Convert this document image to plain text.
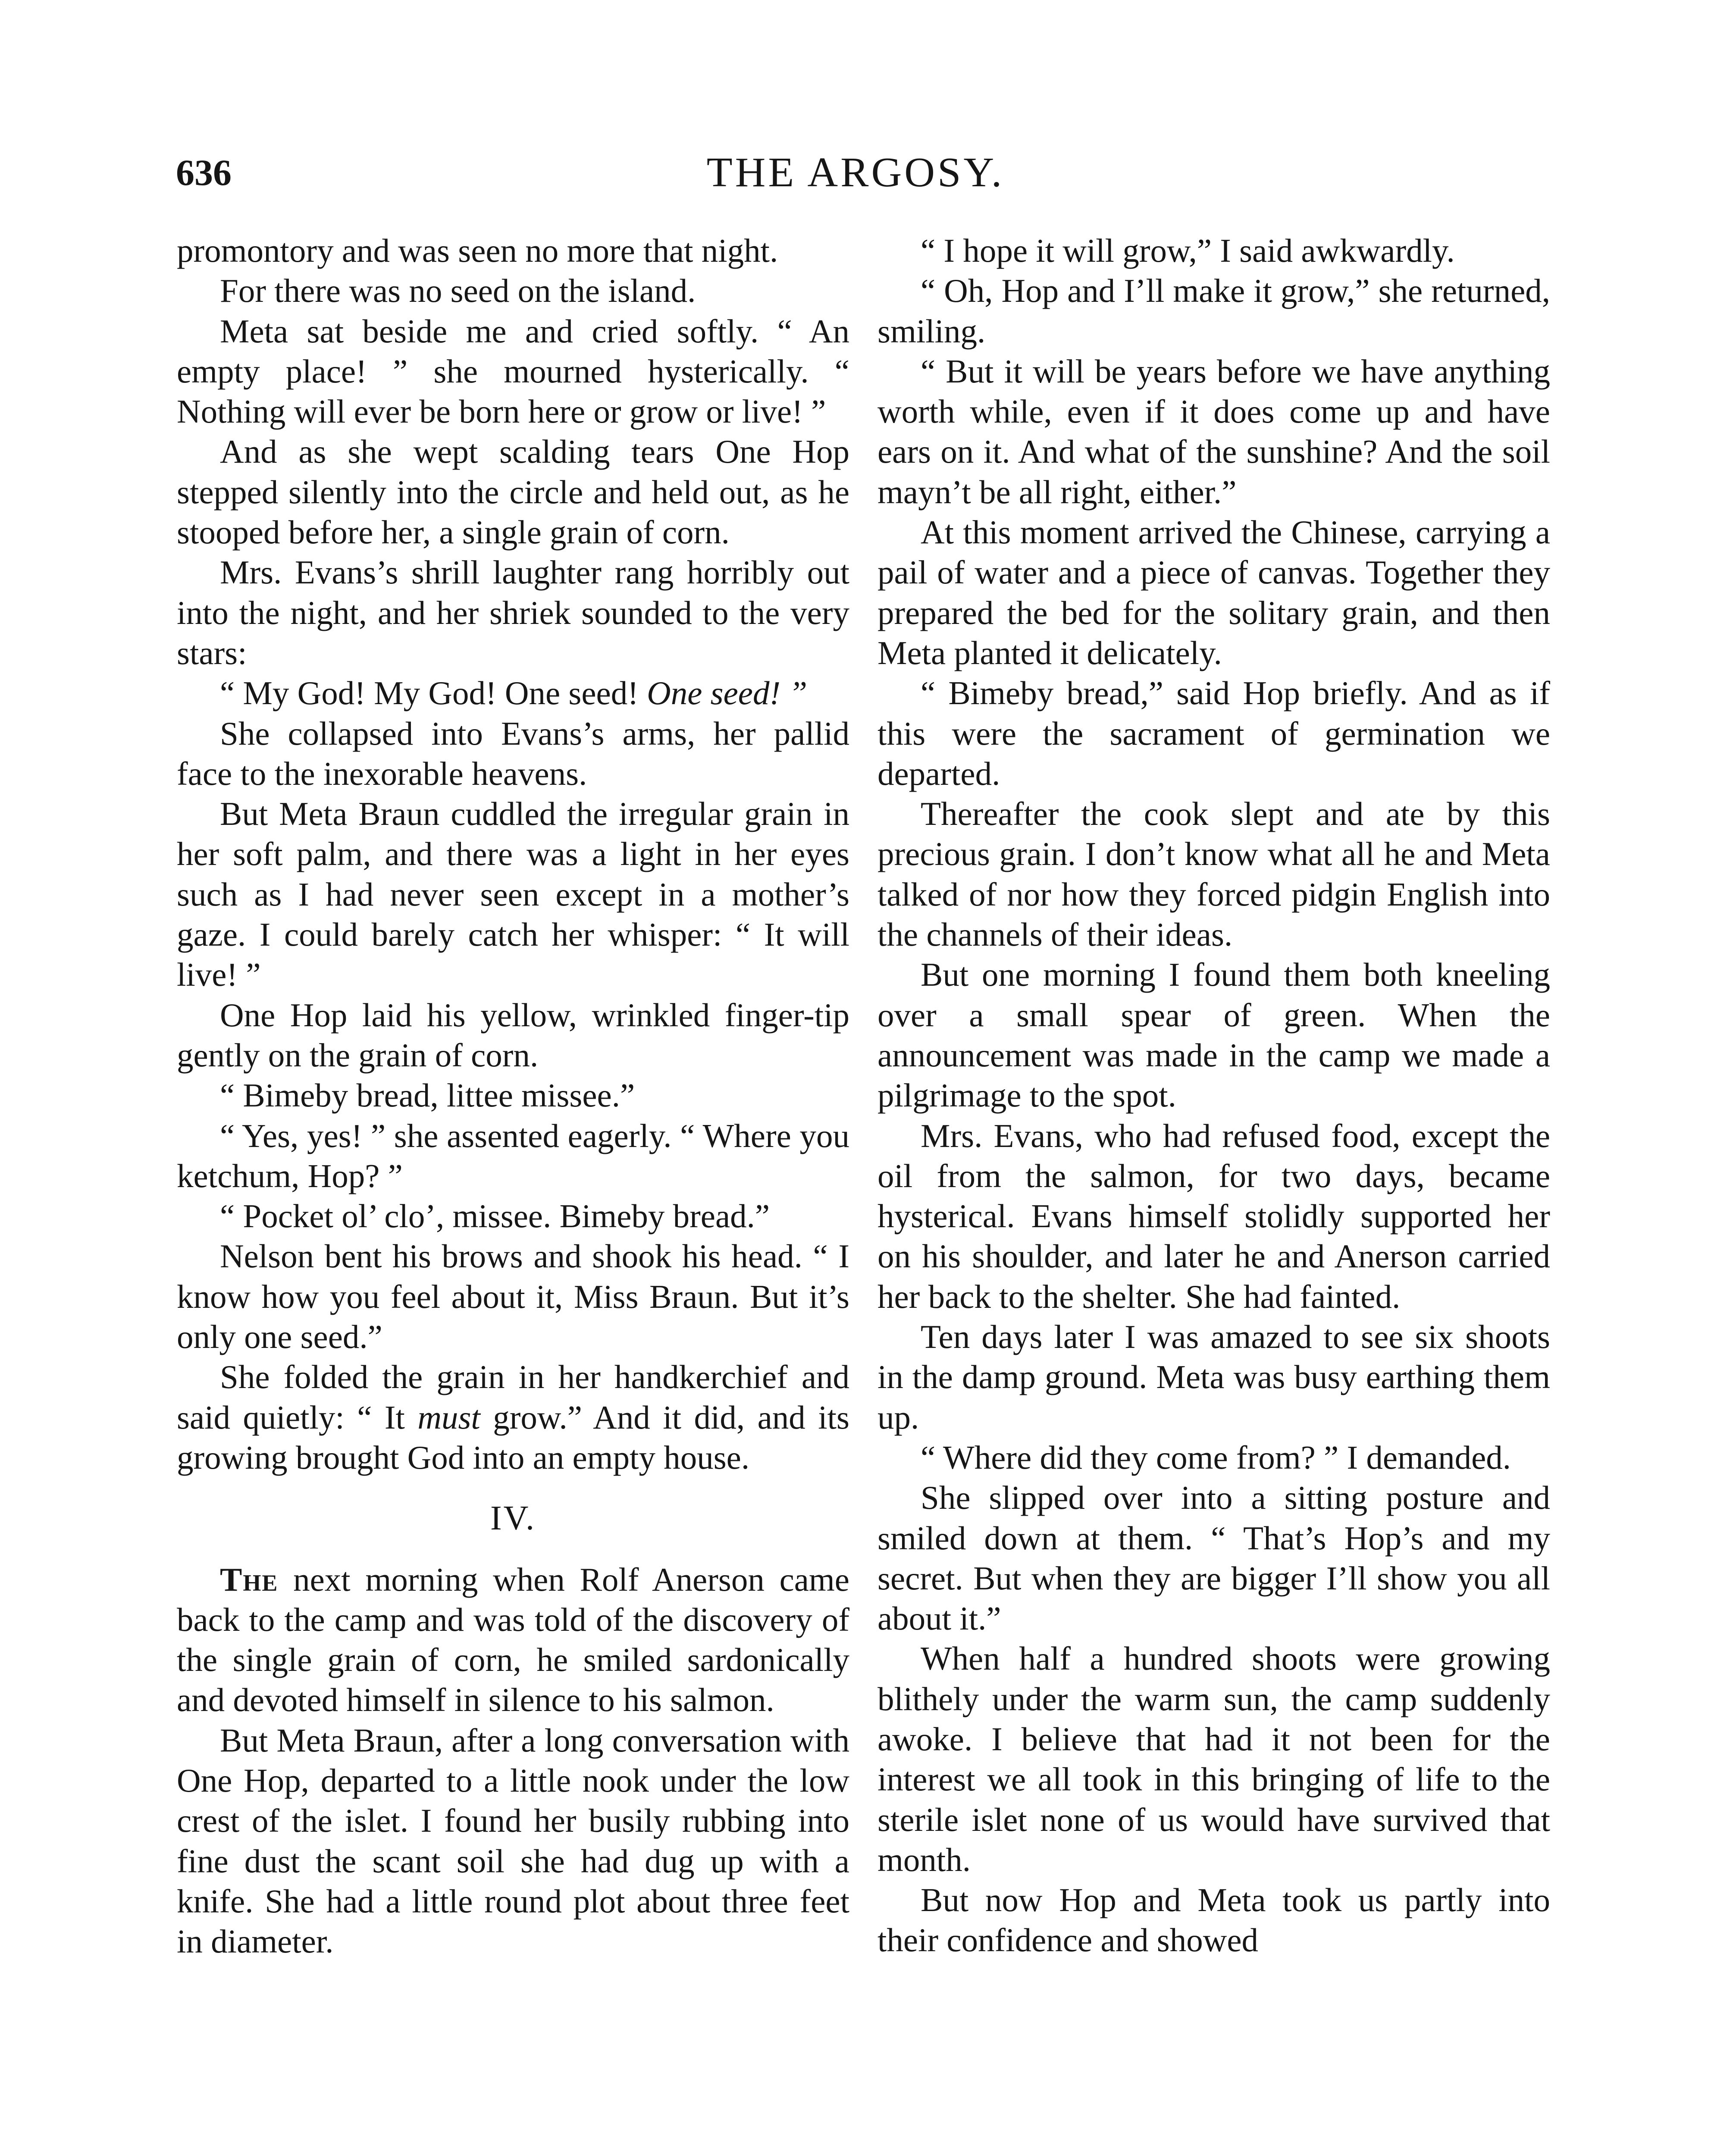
636	THE ARGOSY.

promontory and was seen no more that night.

For there was no seed on the island.

Meta sat beside me and cried softly. “ An empty place! ” she mourned hysterically. “ Nothing will ever be born here or grow or live! ”

And as she wept scalding tears One Hop stepped silently into the circle and held out, as he stooped before her, a single grain of corn.

Mrs. Evans’s shrill laughter rang horribly out into the night, and her shriek sounded to the very stars:

“ My God! My God! One seed! One seed! ”

She collapsed into Evans’s arms, her pallid face to the inexorable heavens.

But Meta Braun cuddled the irregular grain in her soft palm, and there was a light in her eyes such as I had never seen except in a mother’s gaze. I could barely catch her whisper: “ It will live! ”

One Hop laid his yellow, wrinkled finger-tip gently on the grain of corn.

“ Bimeby bread, littee missee.”

“ Yes, yes! ” she assented eagerly. “ Where you ketchum, Hop? ”

“ Pocket ol’ clo’, missee. Bimeby bread.”

Nelson bent his brows and shook his head. “ I know how you feel about it, Miss Braun. But it’s only one seed.”

She folded the grain in her handkerchief and said quietly: “ It must grow.” And it did, and its growing brought God into an empty house.

IV.

The next morning when Rolf Anerson came back to the camp and was told of the discovery of the single grain of corn, he smiled sardonically and devoted himself in silence to his salmon.

But Meta Braun, after a long conversation with One Hop, departed to a little nook under the low crest of the islet. I found her busily rubbing into fine dust the scant soil she had dug up with a knife. She had a little round plot about three feet in diameter.

“ I hope it will grow,” I said awkwardly.

“ Oh, Hop and I’ll make it grow,” she returned, smiling.

“ But it will be years before we have anything worth while, even if it does come up and have ears on it. And what of the sunshine? And the soil mayn’t be all right, either.”

At this moment arrived the Chinese, carrying a pail of water and a piece of canvas. Together they prepared the bed for the solitary grain, and then Meta planted it delicately.

“ Bimeby bread,” said Hop briefly. And as if this were the sacrament of germination we departed.

Thereafter the cook slept and ate by this precious grain. I don’t know what all he and Meta talked of nor how they forced pidgin English into the channels of their ideas.

But one morning I found them both kneeling over a small spear of green. When the announcement was made in the camp we made a pilgrimage to the spot.

Mrs. Evans, who had refused food, except the oil from the salmon, for two days, became hysterical. Evans himself stolidly supported her on his shoulder, and later he and Anerson carried her back to the shelter. She had fainted.

Ten days later I was amazed to see six shoots in the damp ground. Meta was busy earthing them up.

“ Where did they come from? ” I demanded.

She slipped over into a sitting posture and smiled down at them. “ That’s Hop’s and my secret. But when they are bigger I’ll show you all about it.”

When half a hundred shoots were growing blithely under the warm sun, the camp suddenly awoke. I believe that had it not been for the interest we all took in this bringing of life to the sterile islet none of us would have survived that month.

But now Hop and Meta took us partly into their confidence and showed
